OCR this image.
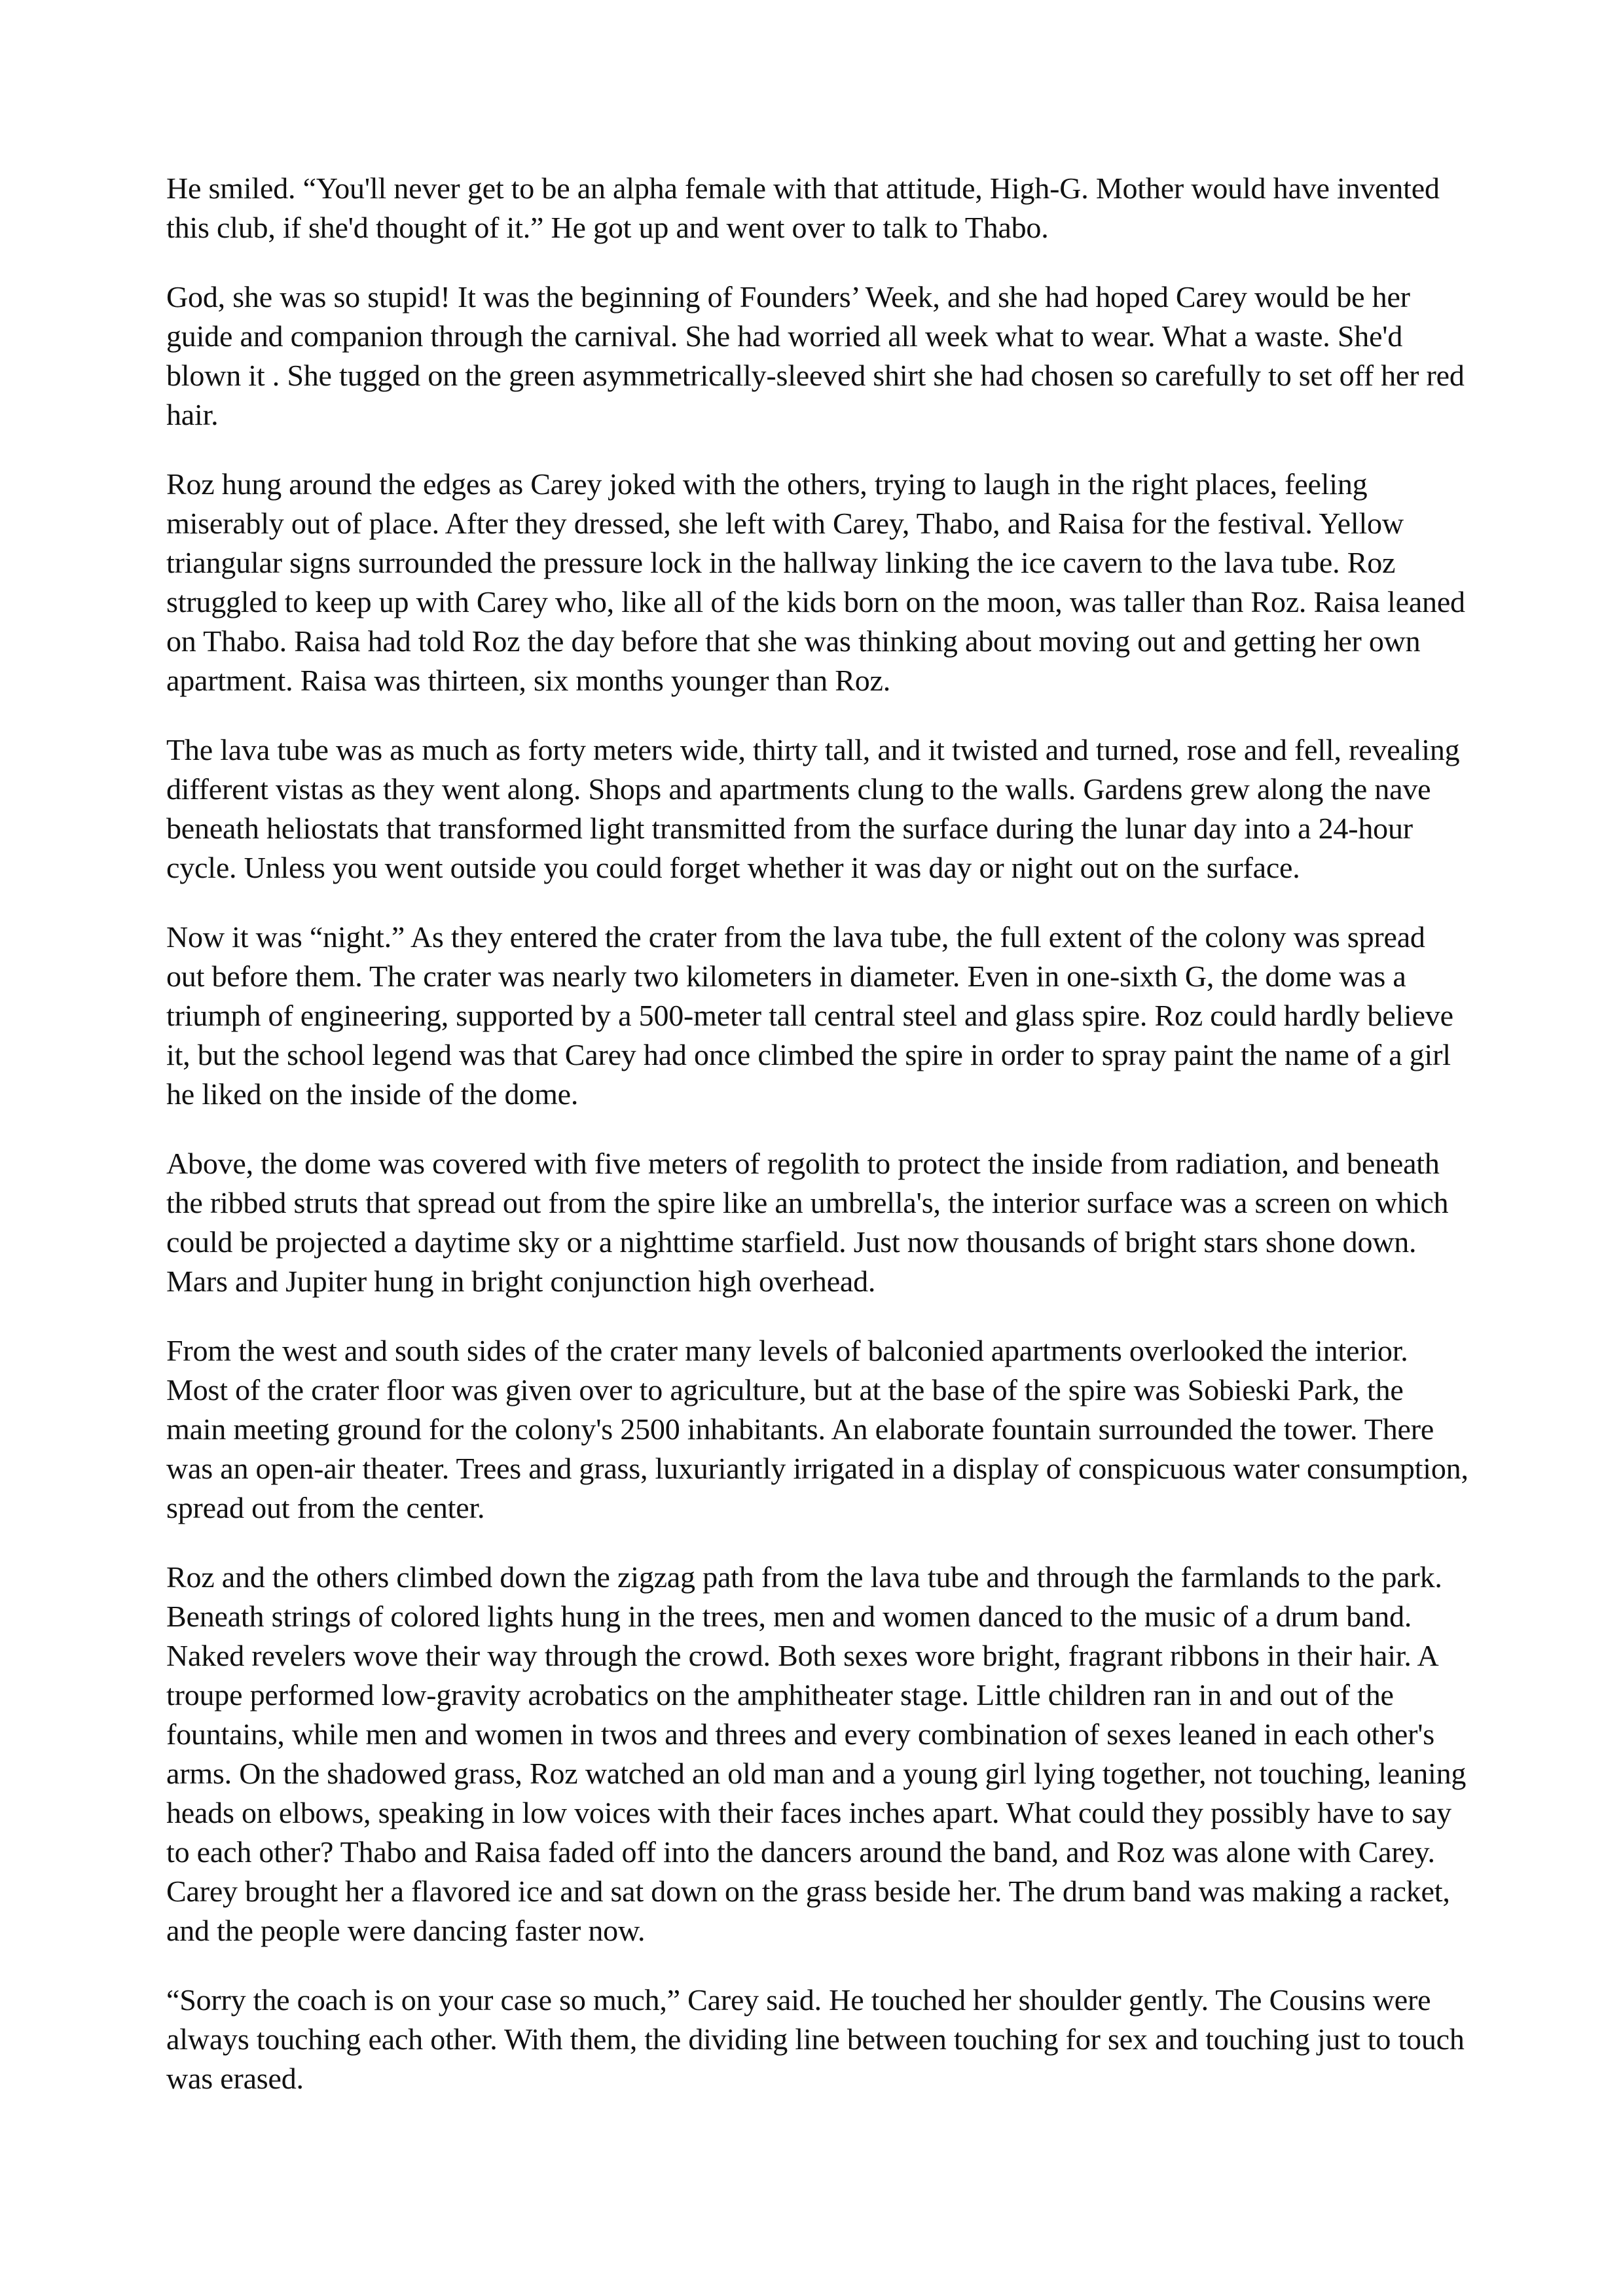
He smiled. “You'll never get to be an alpha female with that attitude, High-G. Mother would have invented this club, if she'd thought of it.” He got up and went over to talk to Thabo.

God, she was so stupid! It was the beginning of Founders’ Week, and she had hoped Carey would be her guide and companion through the carnival. She had worried all week what to wear. What a waste. She'd blown it . She tugged on the green asymmetrically-sleeved shirt she had chosen so carefully to set off her red hair.

Roz hung around the edges as Carey joked with the others, trying to laugh in the right places, feeling miserably out of place. After they dressed, she left with Carey, Thabo, and Raisa for the festival. Yellow triangular signs surrounded the pressure lock in the hallway linking the ice cavern to the lava tube. Roz struggled to keep up with Carey who, like all of the kids born on the moon, was taller than Roz. Raisa leaned on Thabo. Raisa had told Roz the day before that she was thinking about moving out and getting her own apartment. Raisa was thirteen, six months younger than Roz.

The lava tube was as much as forty meters wide, thirty tall, and it twisted and turned, rose and fell, revealing different vistas as they went along. Shops and apartments clung to the walls. Gardens grew along the nave beneath heliostats that transformed light transmitted from the surface during the lunar day into a 24-hour cycle. Unless you went outside you could forget whether it was day or night out on the surface.

Now it was “night.” As they entered the crater from the lava tube, the full extent of the colony was spread out before them. The crater was nearly two kilometers in diameter. Even in one-sixth G, the dome was a triumph of engineering, supported by a 500-meter tall central steel and glass spire. Roz could hardly believe it, but the school legend was that Carey had once climbed the spire in order to spray paint the name of a girl he liked on the inside of the dome.

Above, the dome was covered with five meters of regolith to protect the inside from radiation, and beneath the ribbed struts that spread out from the spire like an umbrella's, the interior surface was a screen on which could be projected a daytime sky or a nighttime starfield. Just now thousands of bright stars shone down. Mars and Jupiter hung in bright conjunction high overhead.

From the west and south sides of the crater many levels of balconied apartments overlooked the interior. Most of the crater floor was given over to agriculture, but at the base of the spire was Sobieski Park, the main meeting ground for the colony's 2500 inhabitants. An elaborate fountain surrounded the tower. There was an open-air theater. Trees and grass, luxuriantly irrigated in a display of conspicuous water consumption, spread out from the center.

Roz and the others climbed down the zigzag path from the lava tube and through the farmlands to the park. Beneath strings of colored lights hung in the trees, men and women danced to the music of a drum band. Naked revelers wove their way through the crowd. Both sexes wore bright, fragrant ribbons in their hair. A troupe performed low-gravity acrobatics on the amphitheater stage. Little children ran in and out of the fountains, while men and women in twos and threes and every combination of sexes leaned in each other's arms. On the shadowed grass, Roz watched an old man and a young girl lying together, not touching, leaning heads on elbows, speaking in low voices with their faces inches apart. What could they possibly have to say to each other? Thabo and Raisa faded off into the dancers around the band, and Roz was alone with Carey. Carey brought her a flavored ice and sat down on the grass beside her. The drum band was making a racket, and the people were dancing faster now.

“Sorry the coach is on your case so much,” Carey said. He touched her shoulder gently. The Cousins were always touching each other. With them, the dividing line between touching for sex and touching just to touch was erased.
